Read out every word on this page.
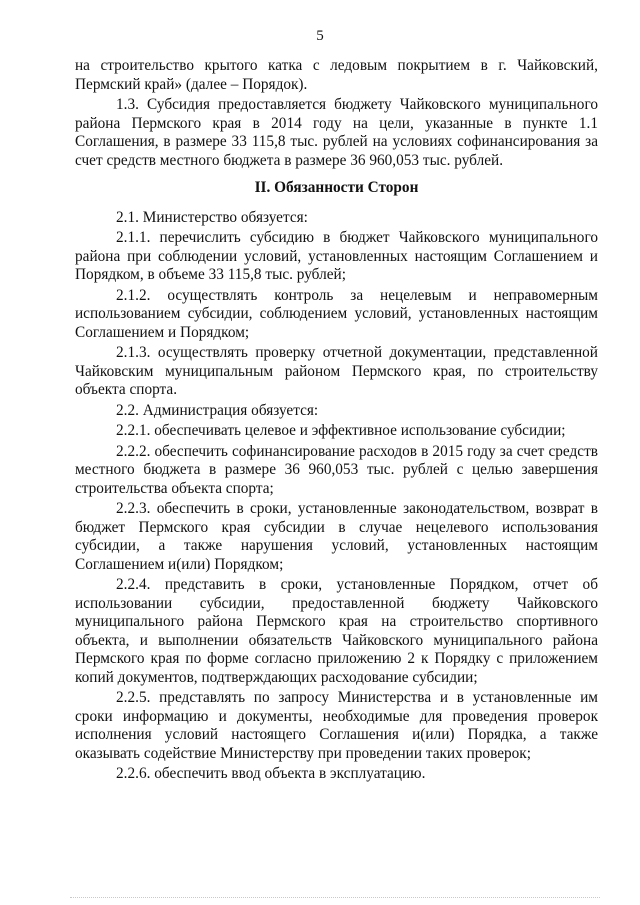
5

на строительство крытого катка с ледовым покрытием в г. Чайковский, Пермский край» (далее – Порядок).

1.3. Субсидия предоставляется бюджету Чайковского муниципального района Пермского края в 2014 году на цели, указанные в пункте 1.1 Соглашения, в размере 33 115,8 тыс. рублей на условиях софинансирования за счет средств местного бюджета в размере 36 960,053 тыс. рублей.

II. Обязанности Сторон

2.1. Министерство обязуется:

2.1.1. перечислить субсидию в бюджет Чайковского муниципального района при соблюдении условий, установленных настоящим Соглашением и Порядком, в объеме 33 115,8 тыс. рублей;

2.1.2. осуществлять контроль за нецелевым и неправомерным использованием субсидии, соблюдением условий, установленных настоящим Соглашением и Порядком;

2.1.3. осуществлять проверку отчетной документации, представленной Чайковским муниципальным районом Пермского края, по строительству объекта спорта.

2.2. Администрация обязуется:

2.2.1. обеспечивать целевое и эффективное использование субсидии;

2.2.2. обеспечить софинансирование расходов в 2015 году за счет средств местного бюджета в размере 36 960,053 тыс. рублей с целью завершения строительства объекта спорта;

2.2.3. обеспечить в сроки, установленные законодательством, возврат в бюджет Пермского края субсидии в случае нецелевого использования субсидии, а также нарушения условий, установленных настоящим Соглашением и(или) Порядком;

2.2.4. представить в сроки, установленные Порядком, отчет об использовании субсидии, предоставленной бюджету Чайковского муниципального района Пермского края на строительство спортивного объекта, и выполнении обязательств Чайковского муниципального района Пермского края по форме согласно приложению 2 к Порядку с приложением копий документов, подтверждающих расходование субсидии;

2.2.5. представлять по запросу Министерства и в установленные им сроки информацию и документы, необходимые для проведения проверок исполнения условий настоящего Соглашения и(или) Порядка, а также оказывать содействие Министерству при проведении таких проверок;

2.2.6. обеспечить ввод объекта в эксплуатацию.
